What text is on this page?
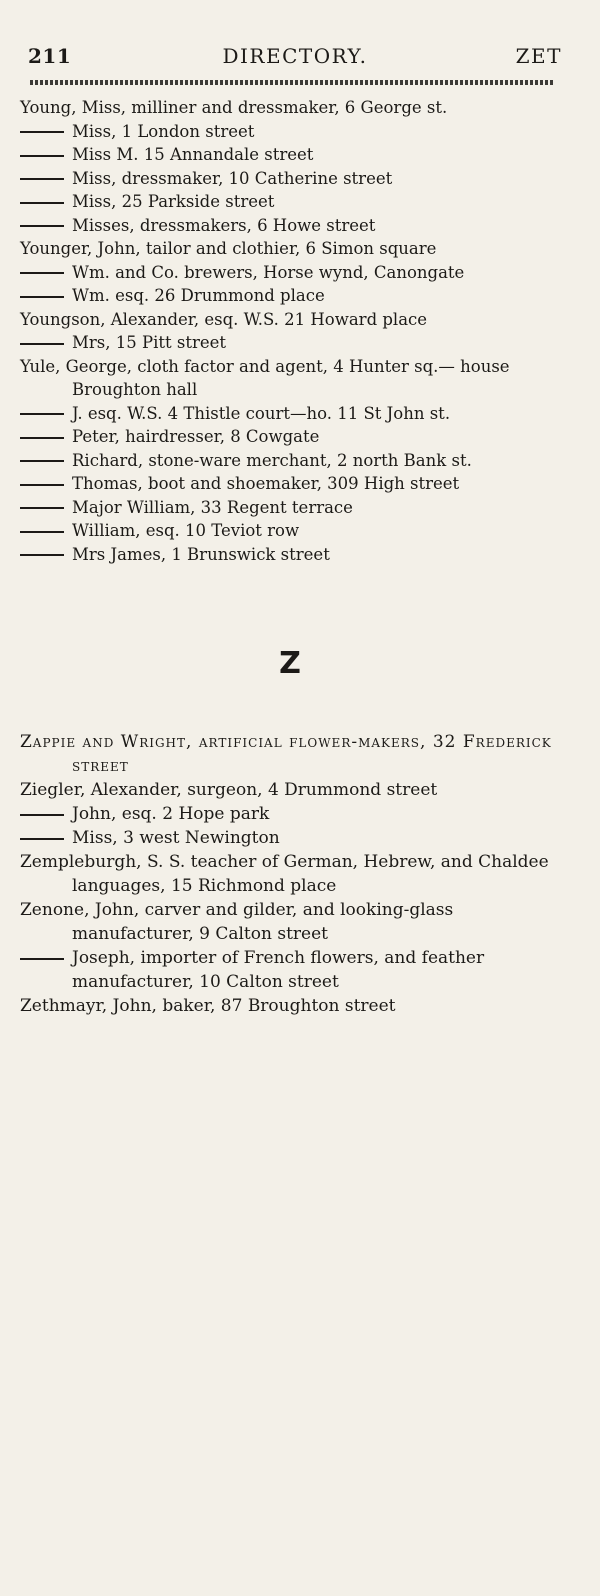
211	DIRECTORY.	ZET
Young, Miss, milliner and dressmaker, 6 George st.
Miss, 1 London street
Miss M. 15 Annandale street
Miss, dressmaker, 10 Catherine street
Miss, 25 Parkside street
Misses, dressmakers, 6 Howe street
Younger, John, tailor and clothier, 6 Simon square
Wm. and Co. brewers, Horse wynd, Canongate
Wm. esq. 26 Drummond place
Youngson, Alexander, esq. W.S. 21 Howard place
Mrs, 15 Pitt street
Yule, George, cloth factor and agent, 4 Hunter sq.— house Broughton hall
J. esq. W.S. 4 Thistle court—ho. 11 St John st.
Peter, hairdresser, 8 Cowgate
Richard, stone-ware merchant, 2 north Bank st.
Thomas, boot and shoemaker, 309 High street
Major William, 33 Regent terrace
William, esq. 10 Teviot row
Mrs James, 1 Brunswick street
Z
Zappie and Wright, artificial flower-makers, 32 Frederick street
Ziegler, Alexander, surgeon, 4 Drummond street
John, esq. 2 Hope park
Miss, 3 west Newington
Zempleburgh, S. S. teacher of German, Hebrew, and Chaldee languages, 15 Richmond place
Zenone, John, carver and gilder, and looking-glass manufacturer, 9 Calton street
Joseph, importer of French flowers, and feather manufacturer, 10 Calton street
Zethmayr, John, baker, 87 Broughton street
